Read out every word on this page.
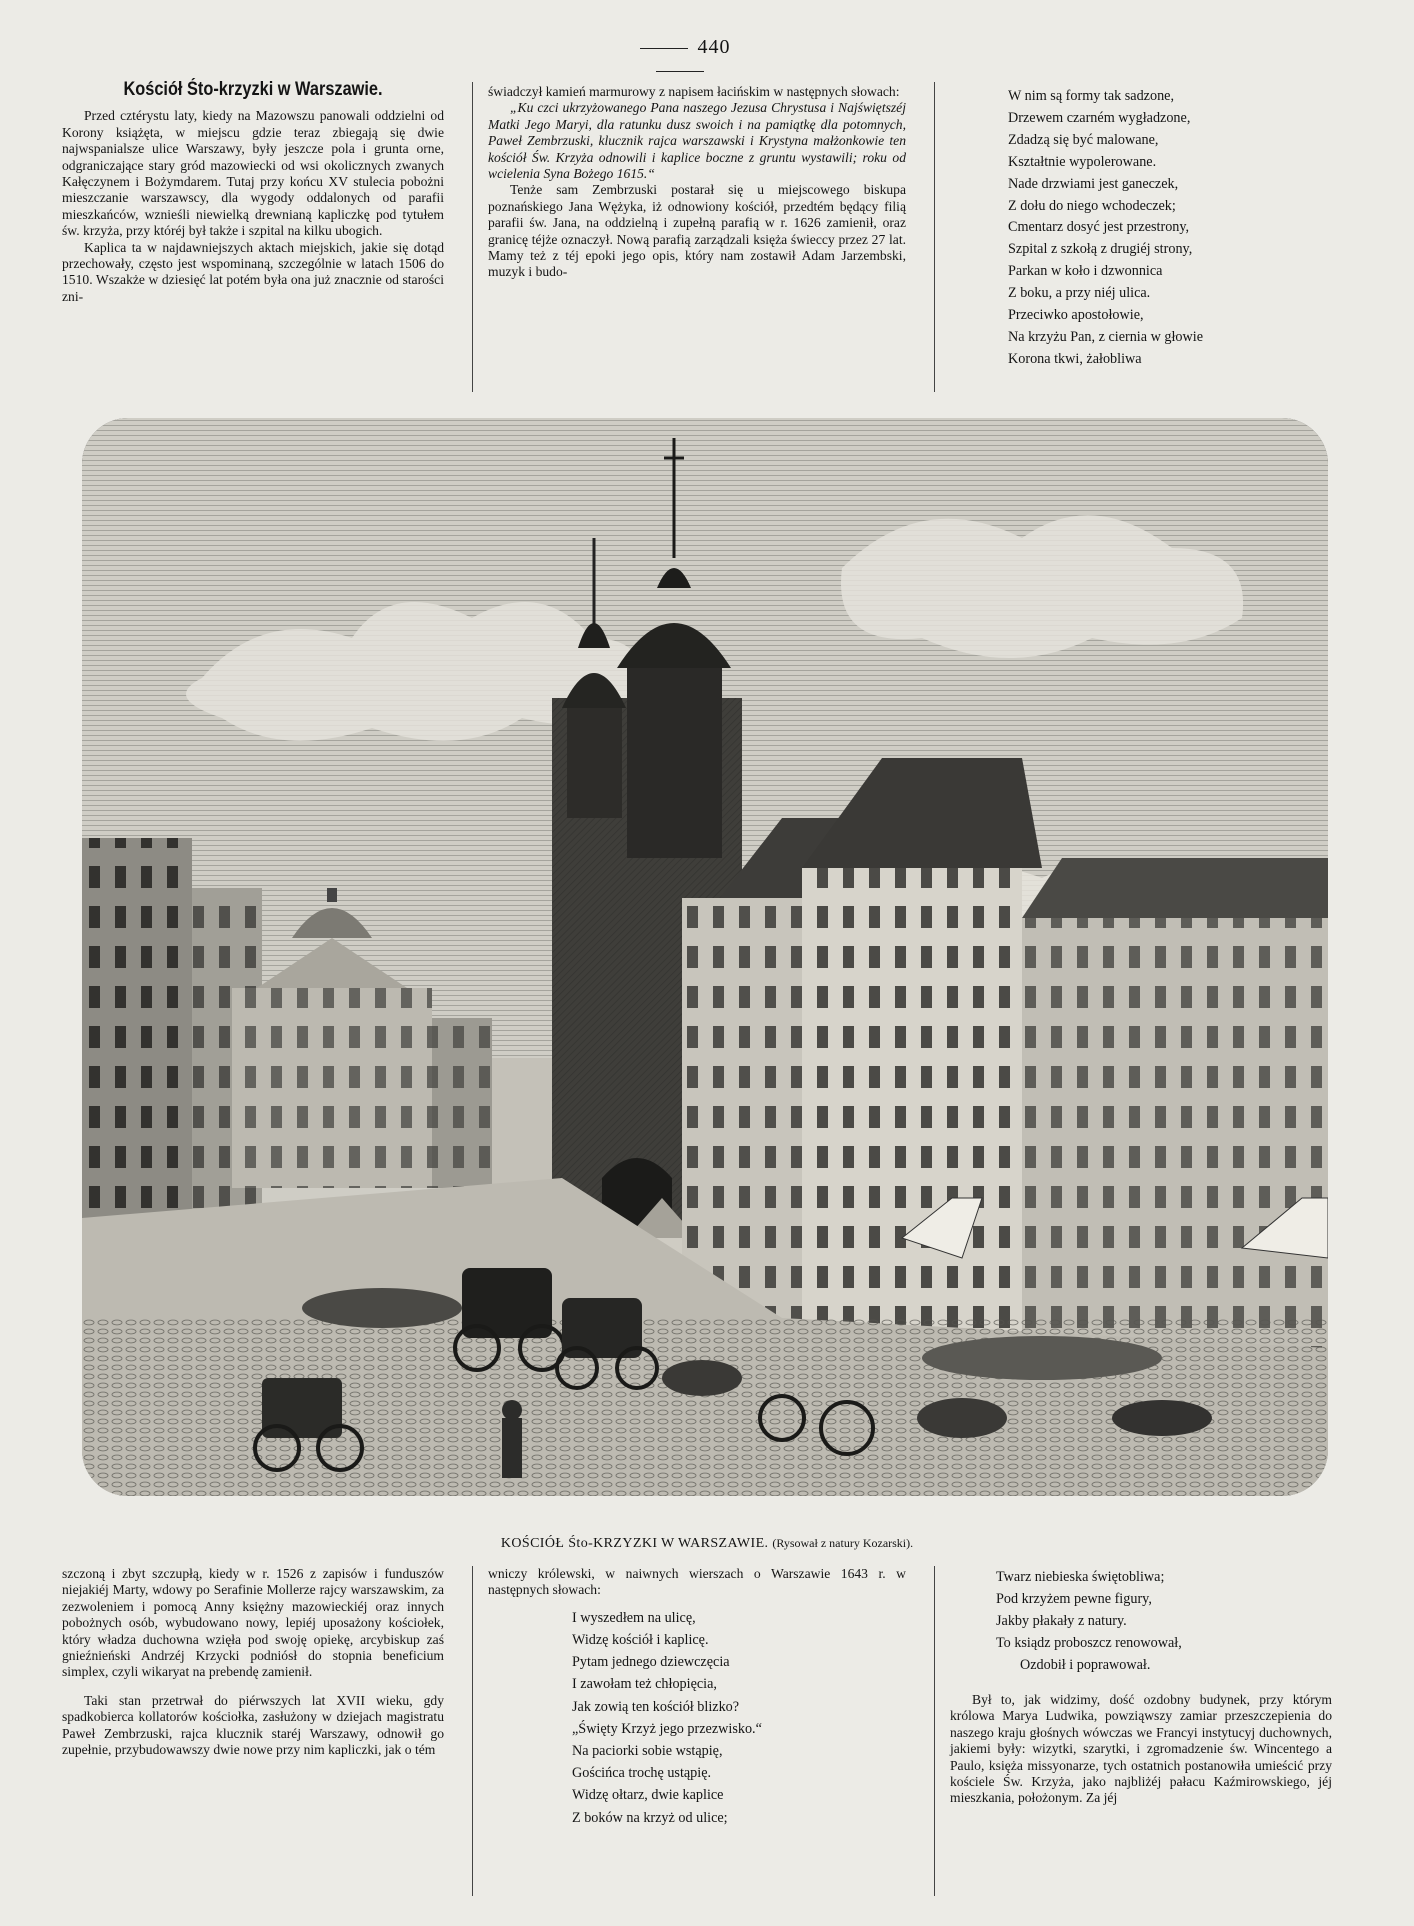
440
Kościół Śto-krzyzki w Warszawie.

Przed cztérystu laty, kiedy na Mazowszu panowali oddzielni od Korony książęta, w miejscu gdzie teraz zbiegają się dwie najwspanialsze ulice Warszawy, były jeszcze pola i grunta orne, odgraniczające stary gród mazowiecki od wsi okolicznych zwanych Kałęczynem i Bożymdarem. Tutaj przy końcu XV stulecia pobożni mieszczanie warszawscy, dla wygody oddalonych od parafii mieszkańców, wznieśli niewielką drewnianą kapliczkę pod tytułem św. krzyża, przy któréj był także i szpital na kilku ubogich.

Kaplica ta w najdawniejszych aktach miejskich, jakie się dotąd przechowały, często jest wspominaną, szczególnie w latach 1506 do 1510. Wszakże w dziesięć lat potém była ona już znacznie od starości zni-

świadczył kamień marmurowy z napisem łacińskim w następnych słowach:

„Ku czci ukrzyżowanego Pana naszego Jezusa Chrystusa i Najświętszéj Matki Jego Maryi, dla ratunku dusz swoich i na pamiątkę dla potomnych, Paweł Zembrzuski, klucznik rajca warszawski i Krystyna małżonkowie ten kościół Św. Krzyża odnowili i kaplice boczne z gruntu wystawili; roku od wcielenia Syna Bożego 1615.“

Tenże sam Zembrzuski postarał się u miejscowego biskupa poznańskiego Jana Wężyka, iż odnowiony kościół, przedtém będący filią parafii św. Jana, na oddzielną i zupełną parafią w r. 1626 zamienił, oraz granicę téjże oznaczył. Nową parafią zarządzali księża świeccy przez 27 lat. Mamy też z téj epoki jego opis, który nam zostawił Adam Jarzembski, muzyk i budo-

W nim są formy tak sadzone,
Drzewem czarném wygładzone,
Zdadzą się być malowane,
Kształtnie wypolerowane.
Nade drzwiami jest ganeczek,
Z dołu do niego wchodeczek;
Cmentarz dosyć jest przestrony,
Szpital z szkołą z drugiéj strony,
Parkan w koło i dzwonnica
Z boku, a przy niéj ulica.
Przeciwko apostołowie,
Na krzyżu Pan, z ciernia w głowie
Korona tkwi, żałobliwa
KOŚCIÓŁ Śto-KRZYZKI W WARSZAWIE. (Rysował z natury Kozarski).

szczoną i zbyt szczupłą, kiedy w r. 1526 z zapisów i funduszów niejakiéj Marty, wdowy po Serafinie Mollerze rajcy warszawskim, za zezwoleniem i pomocą Anny księżny mazowieckiéj oraz innych pobożnych osób, wybudowano nowy, lepiéj uposażony kościołek, który władza duchowna wzięła pod swoję opiekę, arcybiskup zaś gnieźnieński Andrzéj Krzycki podniósł do stopnia beneficium simplex, czyli wikaryat na prebendę zamienił.

Taki stan przetrwał do piérwszych lat XVII wieku, gdy spadkobierca kollatorów kościołka, zasłużony w dziejach magistratu Paweł Zembrzuski, rajca klucznik staréj Warszawy, odnowił go zupełnie, przybudowawszy dwie nowe przy nim kapliczki, jak o tém

wniczy królewski, w naiwnych wierszach o Warszawie 1643 r. w następnych słowach:

I wyszedłem na ulicę,
Widzę kościół i kaplicę.
Pytam jednego dziewczęcia
I zawołam też chłopięcia,
Jak zowią ten kościół blizko?
„Święty Krzyż jego przezwisko.“
Na paciorki sobie wstąpię,
Gościńca trochę ustąpię.
Widzę ołtarz, dwie kaplice
Z boków na krzyż od ulice;
Twarz niebieska świętobliwa;
Pod krzyżem pewne figury,
Jakby płakały z natury.
To ksiądz proboszcz renowował,
Ozdobił i poprawował.

Był to, jak widzimy, dość ozdobny budynek, przy którym królowa Marya Ludwika, powziąwszy zamiar przeszczepienia do naszego kraju głośnych wówczas we Francyi instytucyj duchownych, jakiemi były: wizytki, szarytki, i zgromadzenie św. Wincentego a Paulo, księża missyonarze, tych ostatnich postanowiła umieścić przy kościele Św. Krzyża, jako najbliżéj pałacu Kaźmirowskiego, jéj mieszkania, położonym. Za jéj
